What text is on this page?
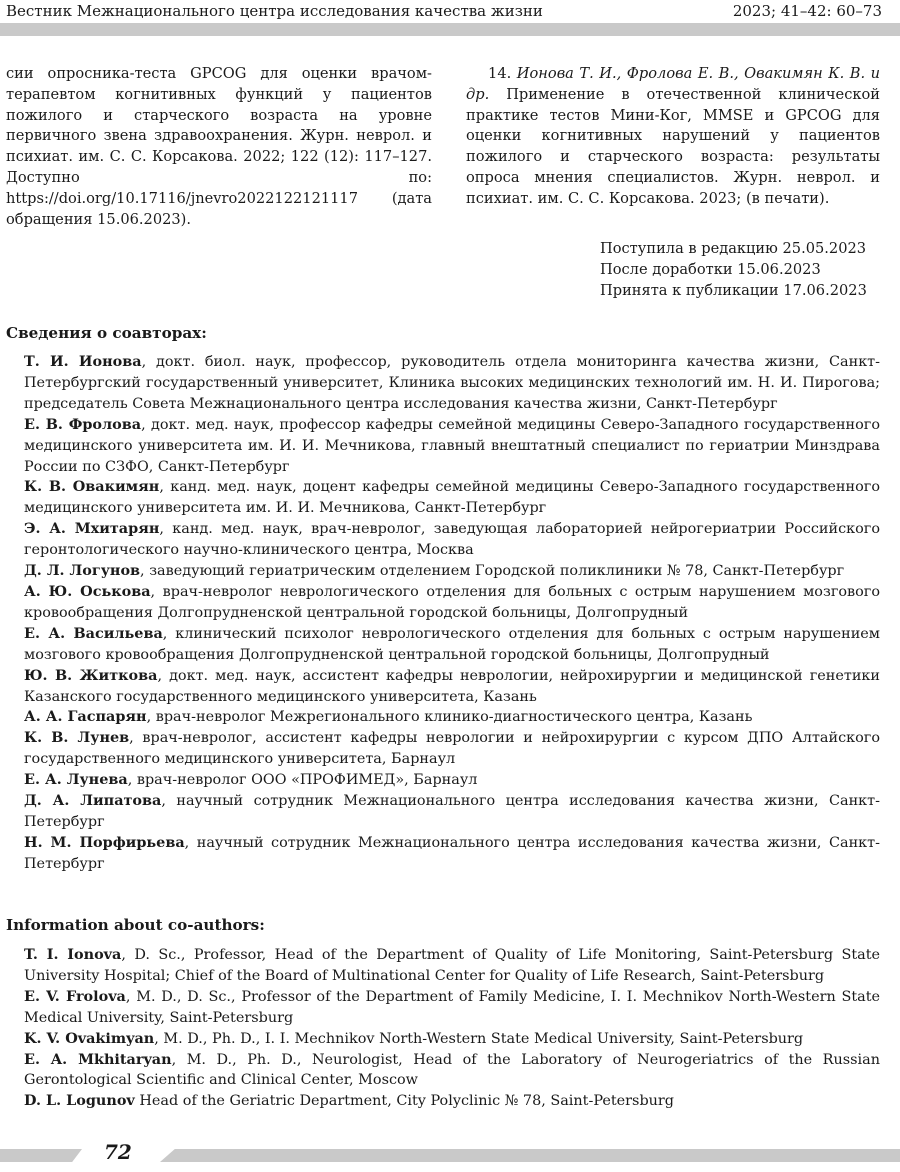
Вестник Межнационального центра исследования качества жизни	2023; 41–42: 60–73
сии опросника-теста GPCOG для оценки врачом-терапевтом когнитивных функций у пациентов пожилого и старческого возраста на уровне первичного звена здравоохранения. Журн. неврол. и психиат. им. С. С. Корсакова. 2022; 122 (12): 117–127. Доступно по: https://doi.org/10.17116/jnevro2022122121117 (дата обращения 15.06.2023).
14. Ионова Т. И., Фролова Е. В., Овакимян К. В. и др. Применение в отечественной клинической практике тестов Мини-Ког, MMSE и GPCOG для оценки когнитивных нарушений у пациентов пожилого и старческого возраста: результаты опроса мнения специалистов. Журн. неврол. и психиат. им. С. С. Корсакова. 2023; (в печати).
Поступила в редакцию 25.05.2023
После доработки 15.06.2023
Принята к публикации 17.06.2023
Сведения о соавторах:

Т. И. Ионова, докт. биол. наук, профессор, руководитель отдела мониторинга качества жизни, Санкт-Петербургский государственный университет, Клиника высоких медицинских технологий им. Н. И. Пирогова; председатель Совета Межнационального центра исследования качества жизни, Санкт-Петербург

Е. В. Фролова, докт. мед. наук, профессор кафедры семейной медицины Северо-Западного государственного медицинского университета им. И. И. Мечникова, главный внештатный специалист по гериатрии Минздрава России по СЗФО, Санкт-Петербург

К. В. Овакимян, канд. мед. наук, доцент кафедры семейной медицины Северо-Западного государственного медицинского университета им. И. И. Мечникова, Санкт-Петербург

Э. А. Мхитарян, канд. мед. наук, врач-невролог, заведующая лабораторией нейрогериатрии Российского геронтологического научно-клинического центра, Москва

Д. Л. Логунов, заведующий гериатрическим отделением Городской поликлиники № 78, Санкт-Петербург

А. Ю. Оськова, врач-невролог неврологического отделения для больных с острым нарушением мозгового кровообращения Долгопрудненской центральной городской больницы, Долгопрудный

Е. А. Васильева, клинический психолог неврологического отделения для больных с острым нарушением мозгового кровообращения Долгопрудненской центральной городской больницы, Долгопрудный

Ю. В. Житкова, докт. мед. наук, ассистент кафедры неврологии, нейрохирургии и медицинской генетики Казанского государственного медицинского университета, Казань

А. А. Гаспарян, врач-невролог Межрегионального клинико-диагностического центра, Казань

К. В. Лунев, врач-невролог, ассистент кафедры неврологии и нейрохирургии с курсом ДПО Алтайского государственного медицинского университета, Барнаул

Е. А. Лунева, врач-невролог ООО «ПРОФИМЕД», Барнаул

Д. А. Липатова, научный сотрудник Межнационального центра исследования качества жизни, Санкт-Петербург

Н. М. Порфирьева, научный сотрудник Межнационального центра исследования качества жизни, Санкт-Петербург

Information about co-authors:

T. I. Ionova, D. Sc., Professor, Head of the Department of Quality of Life Monitoring, Saint-Petersburg State University Hospital; Chief of the Board of Multinational Center for Quality of Life Research, Saint-Petersburg

E. V. Frolova, M. D., D. Sc., Professor of the Department of Family Medicine, I. I. Mechnikov North-Western State Medical University, Saint-Petersburg

K. V. Ovakimyan, M. D., Ph. D., I. I. Mechnikov North-Western State Medical University, Saint-Petersburg

E. A. Mkhitaryan, M. D., Ph. D., Neurologist, Head of the Laboratory of Neurogeriatrics of the Russian Gerontological Scientific and Clinical Center, Moscow

D. L. Logunov Head of the Geriatric Department, City Polyclinic № 78, Saint-Petersburg

72
